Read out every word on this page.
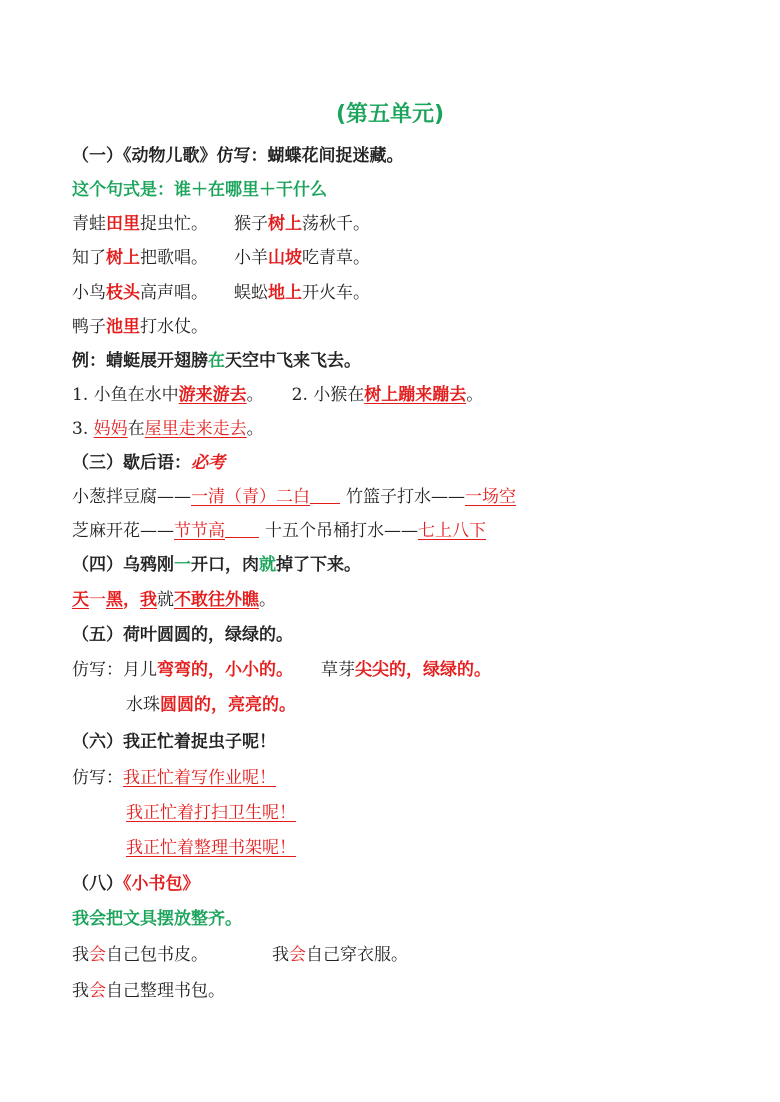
(第五单元)
（一）《动物儿歌》仿写：蝴蝶花间捉迷藏。
这个句式是：谁＋在哪里＋干什么
青蛙田里捉虫忙。 猴子树上荡秋千。
知了树上把歌唱。 小羊山坡吃青草。
小鸟枝头高声唱。 蜈蚣地上开火车。
鸭子池里打水仗。
例：蜻蜓展开翅膀在天空中飞来飞去。
1. 小鱼在水中游来游去。 2. 小猴在树上蹦来蹦去。
3. 妈妈在屋里走来走去。
（三）歇后语：必考
小葱拌豆腐——一清（青）二白 竹篮子打水——一场空
芝麻开花——节节高 十五个吊桶打水——七上八下
（四）乌鸦刚一开口，肉就掉了下来。
天一黑，我就不敢往外瞧。
（五）荷叶圆圆的，绿绿的。
仿写：月儿弯弯的，小小的。 草芽尖尖的，绿绿的。
水珠圆圆的，亮亮的。
（六）我正忙着捉虫子呢！
仿写：我正忙着写作业呢！
我正忙着打扫卫生呢！
我正忙着整理书架呢！
（八）《小书包》
我会把文具摆放整齐。
我会自己包书皮。	我会自己穿衣服。
我会自己整理书包。
